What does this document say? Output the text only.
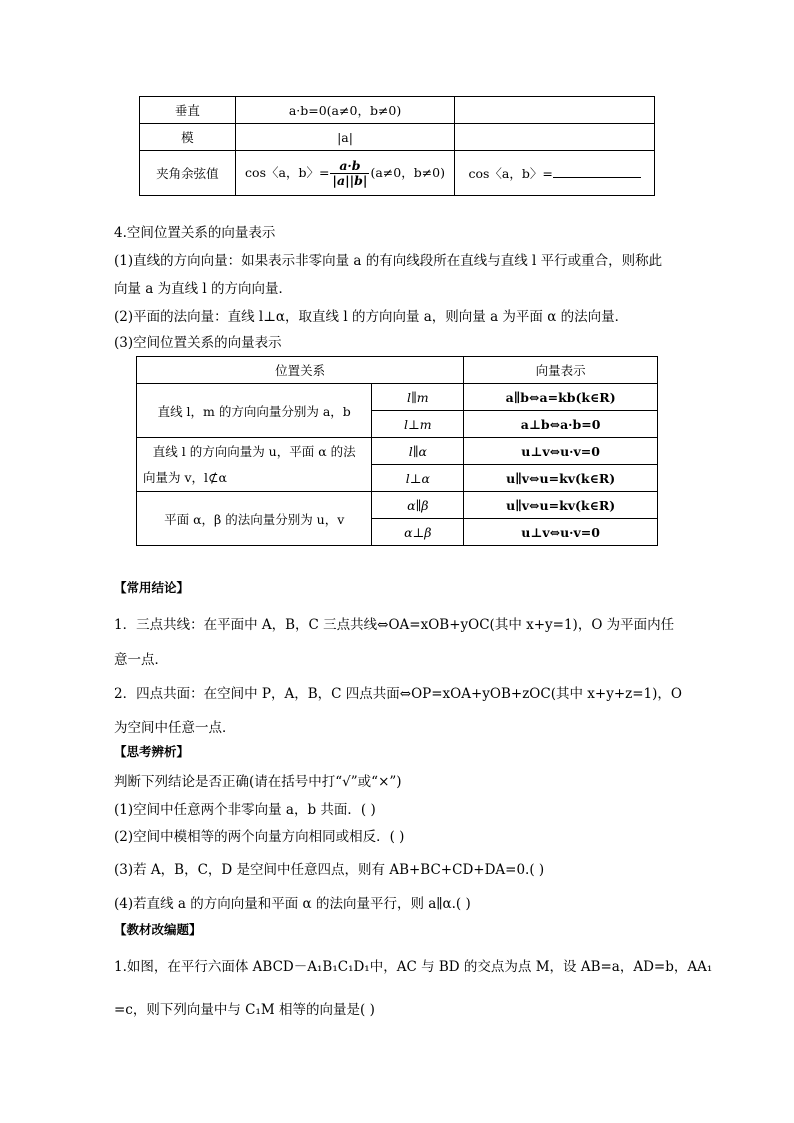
垂直	a·b=0(a≠0，b≠0)	
模	|a|	
夹角余弦值	cos〈a，b〉= $\frac{a\cdot b}{|a||b|} (a\ne 0$，b≠0)	cos〈a，b〉=
4.空间位置关系的向量表示
(1)直线的方向向量：如果表示非零向量 a 的有向线段所在直线与直线 l 平行或重合，则称此
向量 a 为直线 l 的方向向量．
(2)平面的法向量：直线 l⊥α，取直线 l 的方向向量 a，则向量 a 为平面 α 的法向量．
(3)空间位置关系的向量表示
位置关系		向量表示
直线 l，m 的方向向量分别为 a，b	l∥m	a∥b⇔a=kb(k∈R)
	l⊥m	a⊥b⇔a·b=0

直线 l 的方向向量为 u，平面 α 的法
向量为 v，l⊄α	l∥α	u⊥v⇔u·v=0
	l⊥α	u∥v⇔u=kv(k∈R)
平面 α，β 的法向量分别为 u，v	α∥β	u∥v⇔u=kv(k∈R)
	α⊥β	u⊥v⇔u·v=0
【常用结论】
1．三点共线：在平面中 A，B，C 三点共线⇔OA=xOB+yOC(其中 x+y=1)，O 为平面内任
意一点．
2．四点共面：在空间中 P，A，B，C 四点共面⇔OP=xOA+yOB+zOC(其中 x+y+z=1)，O
为空间中任意一点．
【思考辨析】
判断下列结论是否正确(请在括号中打“√”或“×”)
(1)空间中任意两个非零向量 a，b 共面．( )
(2)空间中模相等的两个向量方向相同或相反．( )
(3)若 A，B，C，D 是空间中任意四点，则有 AB+BC+CD+DA=0.( )
(4)若直线 a 的方向向量和平面 α 的法向量平行，则 a∥α.( )
【教材改编题】
1.如图，在平行六面体 ABCD－A₁B₁C₁D₁中，AC 与 BD 的交点为点 M，设 AB=a，AD=b，AA₁
=c，则下列向量中与 C₁M 相等的向量是( )
